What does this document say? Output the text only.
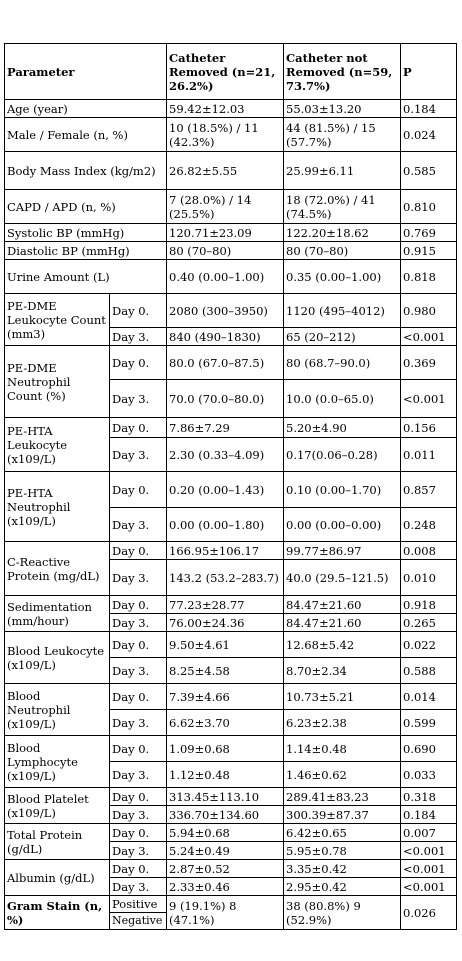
Parameter		Catheter Removed (n=21, 26.2%)	Catheter not Removed (n=59, 73.7%)	P
Age (year)		59.42±12.03	55.03±13.20	0.184
Male / Female (n, %)		10 (18.5%) / 11 (42.3%)	44 (81.5%) / 15 (57.7%)	0.024
Body Mass Index (kg/m2)		26.82±5.55	25.99±6.11	0.585
CAPD / APD (n, %)		7 (28.0%) / 14 (25.5%)	18 (72.0%) / 41 (74.5%)	0.810
Systolic BP (mmHg)		120.71±23.09	122.20±18.62	0.769
Diastolic BP (mmHg)		80 (70–80)	80 (70–80)	0.915
Urine Amount (L)		0.40 (0.00–1.00)	0.35 (0.00–1.00)	0.818
PE-DME Leukocyte Count (mm3)	Day 0.	2080 (300–3950)	1120 (495–4012)	0.980
	Day 3.	840 (490–1830)	65 (20–212)	<0.001
PE-DME Neutrophil Count (%)	Day 0.	80.0 (67.0–87.5)	80 (68.7–90.0)	0.369
	Day 3.	70.0 (70.0–80.0)	10.0 (0.0–65.0)	<0.001
PE-HTA Leukocyte (x109/L)	Day 0.	7.86±7.29	5.20±4.90	0.156
	Day 3.	2.30 (0.33–4.09)	0.17(0.06–0.28)	0.011
PE-HTA Neutrophil (x109/L)	Day 0.	0.20 (0.00–1.43)	0.10 (0.00–1.70)	0.857
	Day 3.	0.00 (0.00–1.80)	0.00 (0.00–0.00)	0.248
C-Reactive Protein (mg/dL)	Day 0.	166.95±106.17	99.77±86.97	0.008
	Day 3.	143.2 (53.2–283.7)	40.0 (29.5–121.5)	0.010
Sedimentation (mm/hour)	Day 0.	77.23±28.77	84.47±21.60	0.918
	Day 3.	76.00±24.36	84.47±21.60	0.265
Blood Leukocyte (x109/L)	Day 0.	9.50±4.61	12.68±5.42	0.022
	Day 3.	8.25±4.58	8.70±2.34	0.588
Blood Neutrophil (x109/L)	Day 0.	7.39±4.66	10.73±5.21	0.014
	Day 3.	6.62±3.70	6.23±2.38	0.599
Blood Lymphocyte (x109/L)	Day 0.	1.09±0.68	1.14±0.48	0.690
	Day 3.	1.12±0.48	1.46±0.62	0.033
Blood Platelet (x109/L)	Day 0.	313.45±113.10	289.41±83.23	0.318
	Day 3.	336.70±134.60	300.39±87.37	0.184
Total Protein (g/dL)	Day 0.	5.94±0.68	6.42±0.65	0.007
	Day 3.	5.24±0.49	5.95±0.78	<0.001
Albumin (g/dL)	Day 0.	2.87±0.52	3.35±0.42	<0.001
	Day 3.	2.33±0.46	2.95±0.42	<0.001
Gram Stain (n, %)	Positive	9 (19.1%) 8 (47.1%)	38 (80.8%) 9 (52.9%)	0.026
	Negative			
